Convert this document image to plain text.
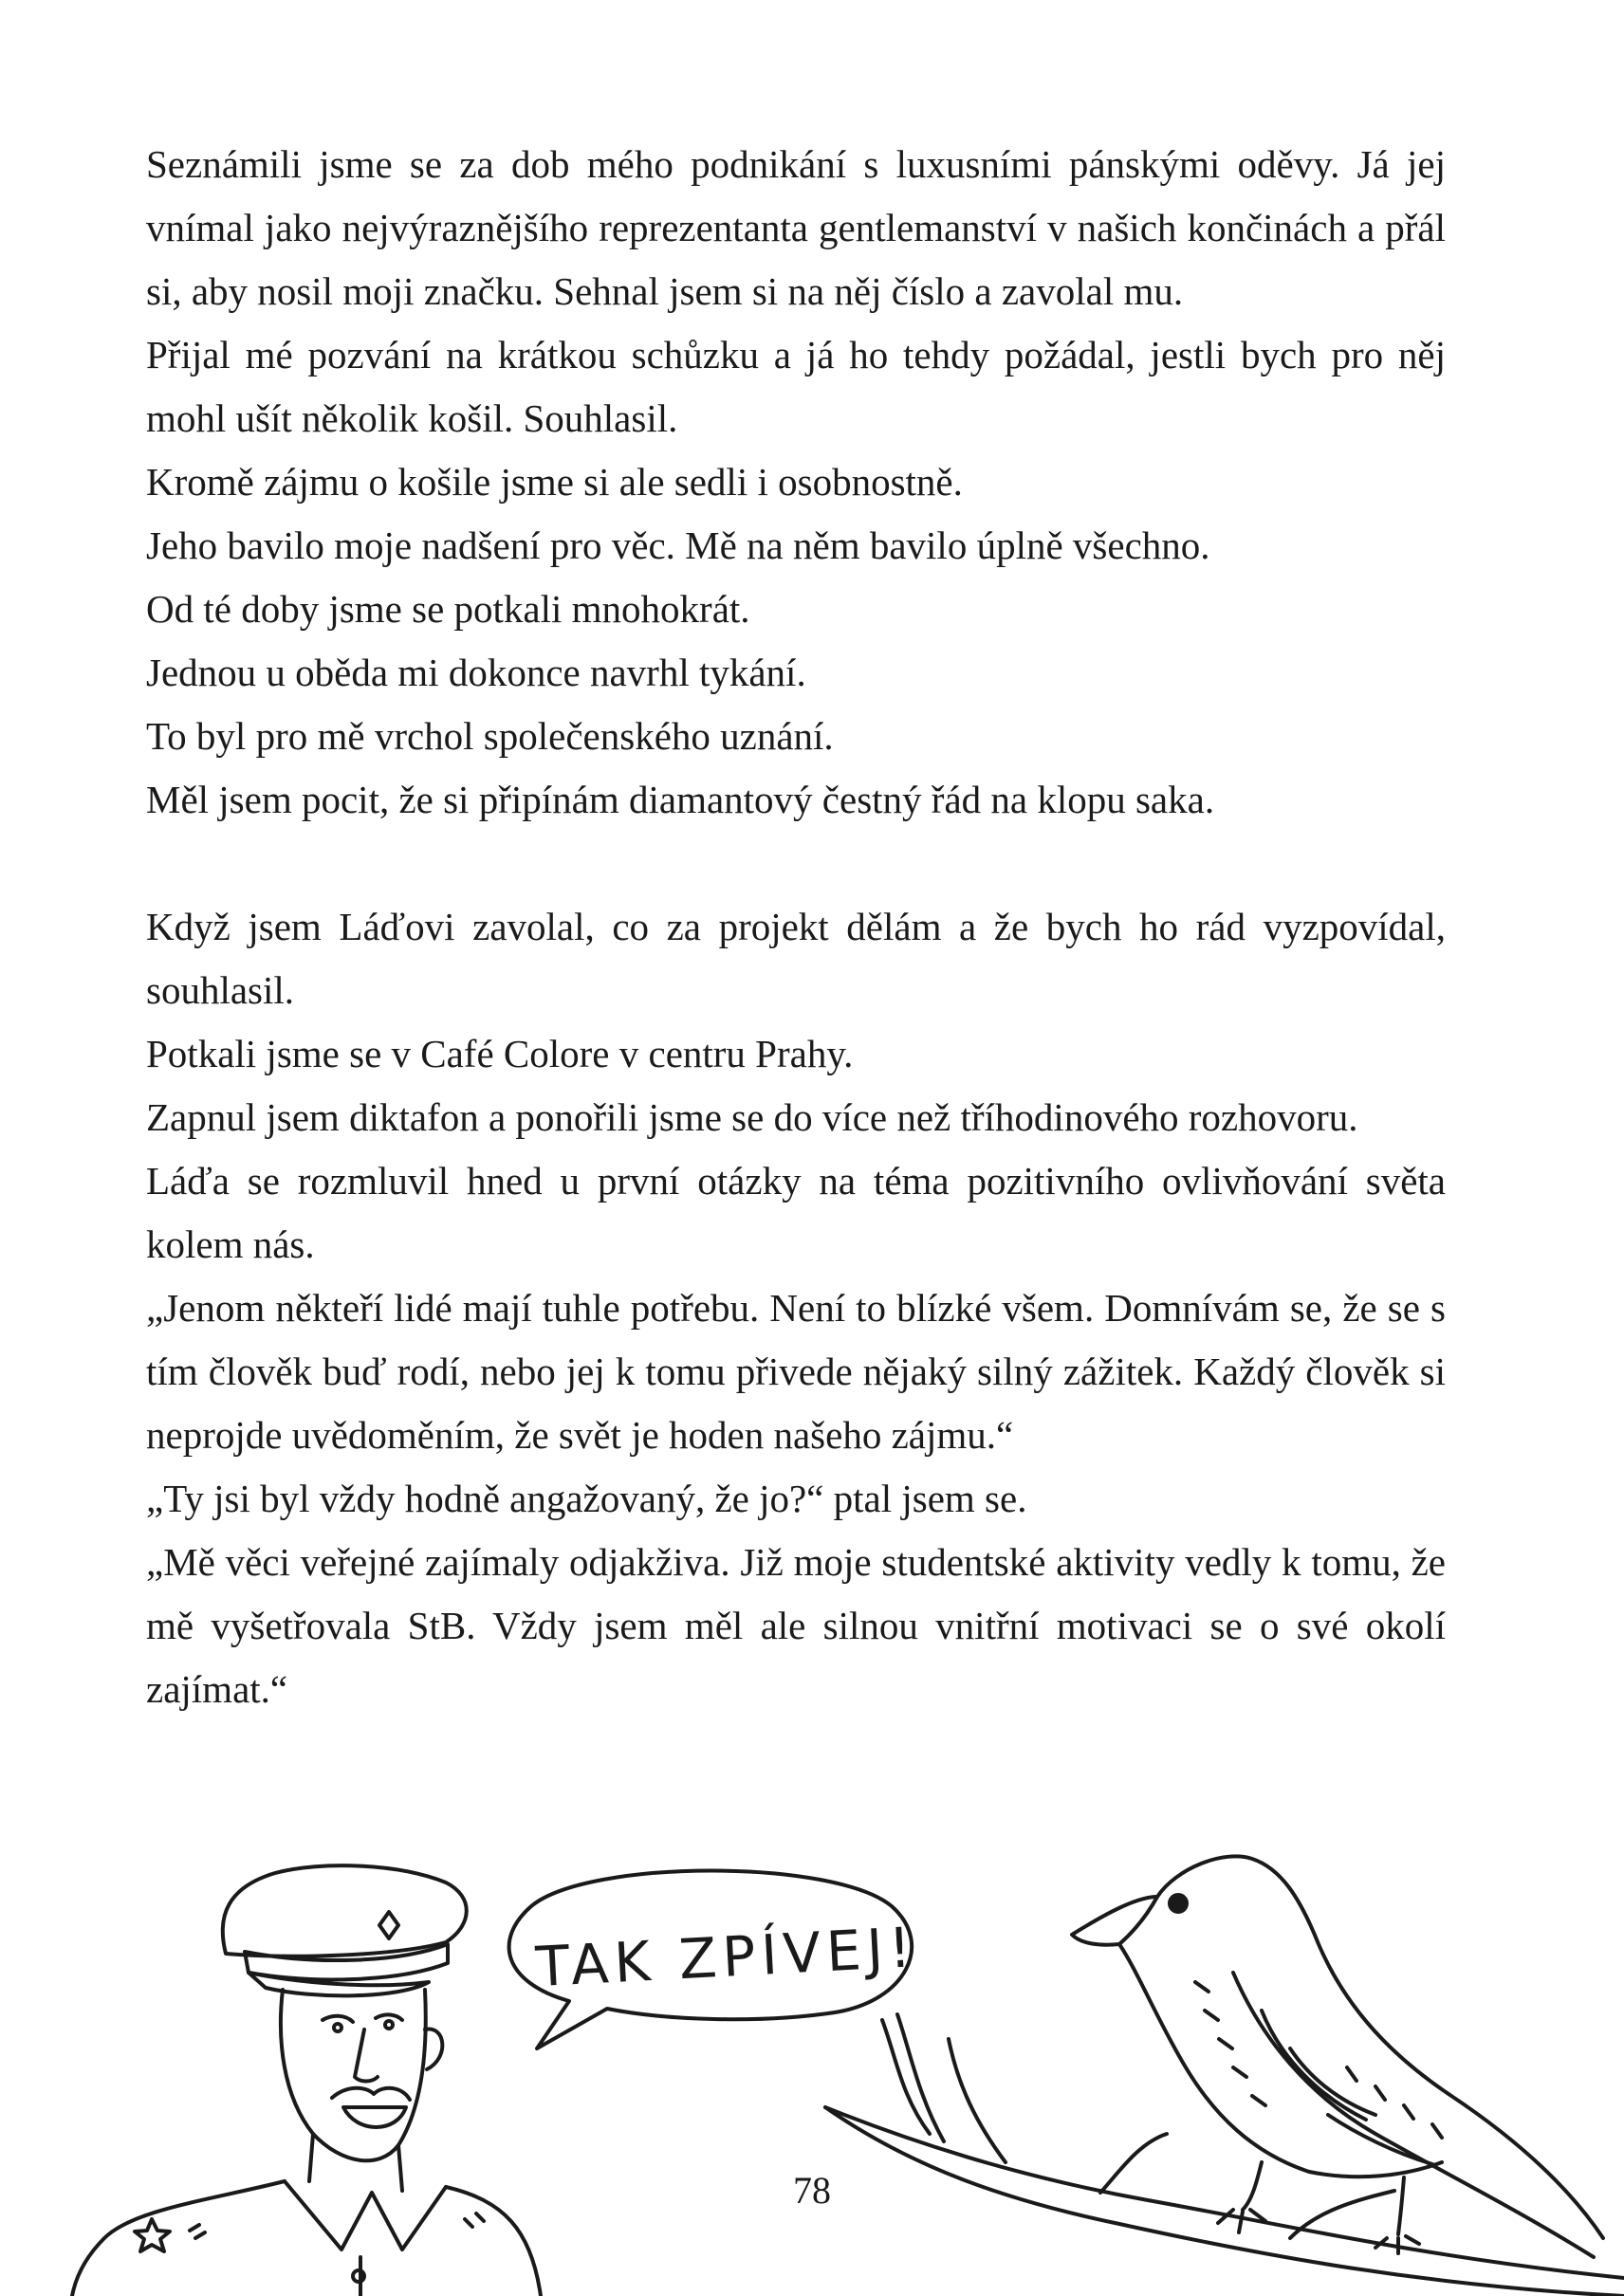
Seznámili jsme se za dob mého podnikání s luxusními pánskými oděvy. Já jej vnímal jako nejvýraznějšího reprezentanta gentlemanství v našich končinách a přál si, aby nosil moji značku. Sehnal jsem si na něj číslo a zavolal mu.

Přijal mé pozvání na krátkou schůzku a já ho tehdy požádal, jestli bych pro něj mohl ušít několik košil. Souhlasil.

Kromě zájmu o košile jsme si ale sedli i osobnostně.

Jeho bavilo moje nadšení pro věc. Mě na něm bavilo úplně všechno.

Od té doby jsme se potkali mnohokrát.

Jednou u oběda mi dokonce navrhl tykání.

To byl pro mě vrchol společenského uznání.

Měl jsem pocit, že si připínám diamantový čestný řád na klopu saka.

Když jsem Láďovi zavolal, co za projekt dělám a že bych ho rád vyzpovídal, souhlasil.

Potkali jsme se v Café Colore v centru Prahy.

Zapnul jsem diktafon a ponořili jsme se do více než tříhodinového rozhovoru.

Láďa se rozmluvil hned u první otázky na téma pozitivního ovlivňování světa kolem nás.

„Jenom někteří lidé mají tuhle potřebu. Není to blízké všem. Domnívám se, že se s tím člověk buď rodí, nebo jej k tomu přivede nějaký silný zážitek. Každý člověk si neprojde uvědoměním, že svět je hoden našeho zájmu.“

„Ty jsi byl vždy hodně angažovaný, že jo?“ ptal jsem se.

„Mě věci veřejné zajímaly odjakživa. Již moje studentské aktivity vedly k tomu, že mě vyšetřovala StB. Vždy jsem měl ale silnou vnitřní motivaci se o své okolí zajímat.“

TAK ZPÍVEJ!
78
